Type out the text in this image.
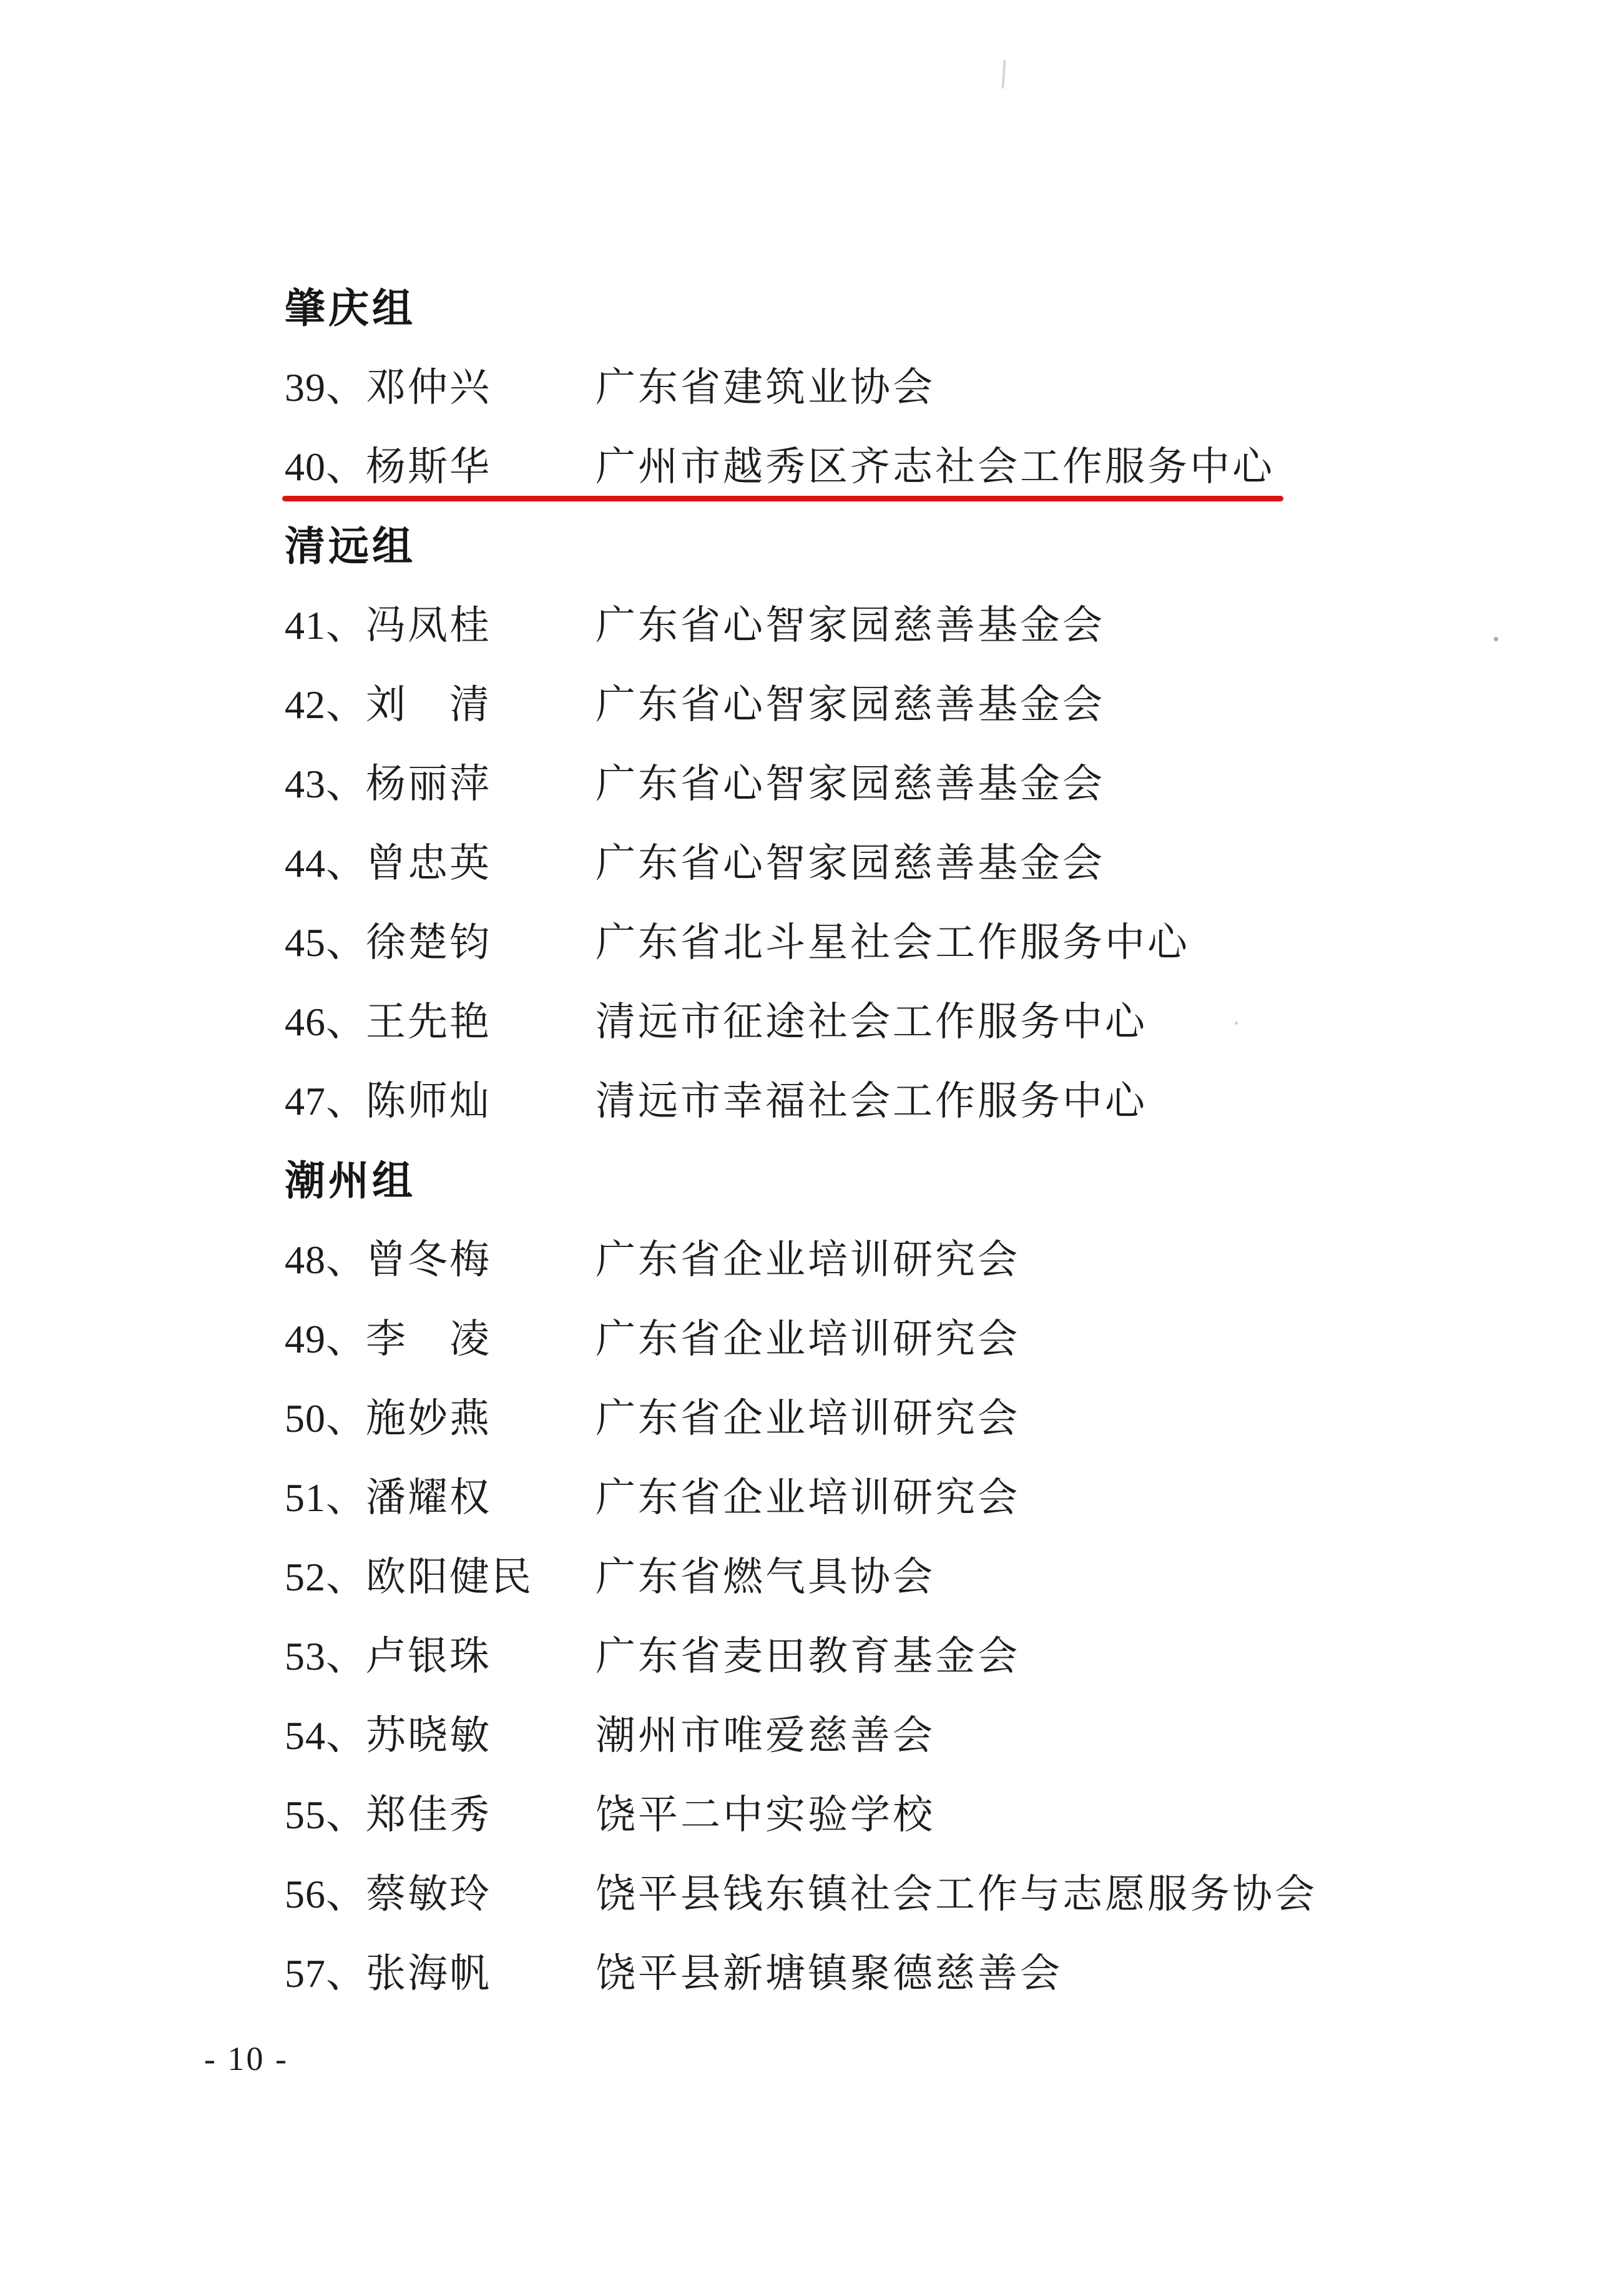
肇庆组
39、 邓仲兴	广东省建筑业协会
40、 杨斯华	广州市越秀区齐志社会工作服务中心
清远组
41、 冯凤桂	广东省心智家园慈善基金会
42、 刘　清	广东省心智家园慈善基金会
43、 杨丽萍	广东省心智家园慈善基金会
44、 曾忠英	广东省心智家园慈善基金会
45、 徐楚钧	广东省北斗星社会工作服务中心
46、 王先艳	清远市征途社会工作服务中心
47、 陈师灿	清远市幸福社会工作服务中心
潮州组
48、 曾冬梅	广东省企业培训研究会
49、 李　凌	广东省企业培训研究会
50、 施妙燕	广东省企业培训研究会
51、 潘耀权	广东省企业培训研究会
52、 欧阳健民	广东省燃气具协会
53、 卢银珠	广东省麦田教育基金会
54、 苏晓敏	潮州市唯爱慈善会
55、 郑佳秀	饶平二中实验学校
56、 蔡敏玲	饶平县钱东镇社会工作与志愿服务协会
57、 张海帆	饶平县新塘镇聚德慈善会
- 10 -
